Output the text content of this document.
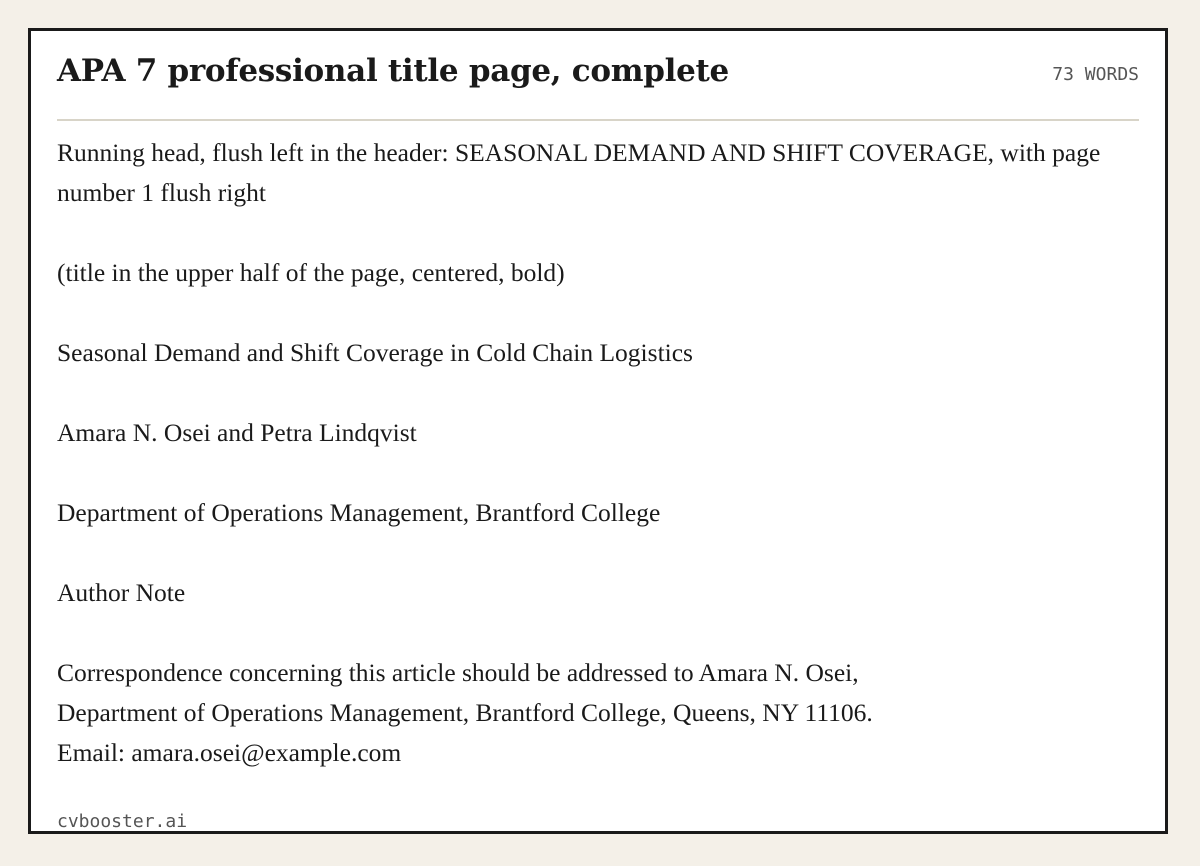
APA 7 professional title page, complete	73 WORDS

Running head, flush left in the header: SEASONAL DEMAND AND SHIFT COVERAGE, with page number 1 flush right

(title in the upper half of the page, centered, bold)

Seasonal Demand and Shift Coverage in Cold Chain Logistics

Amara N. Osei and Petra Lindqvist

Department of Operations Management, Brantford College

Author Note

Correspondence concerning this article should be addressed to Amara N. Osei,
Department of Operations Management, Brantford College, Queens, NY 11106.
Email: amara.osei@example.com
cvbooster.ai
